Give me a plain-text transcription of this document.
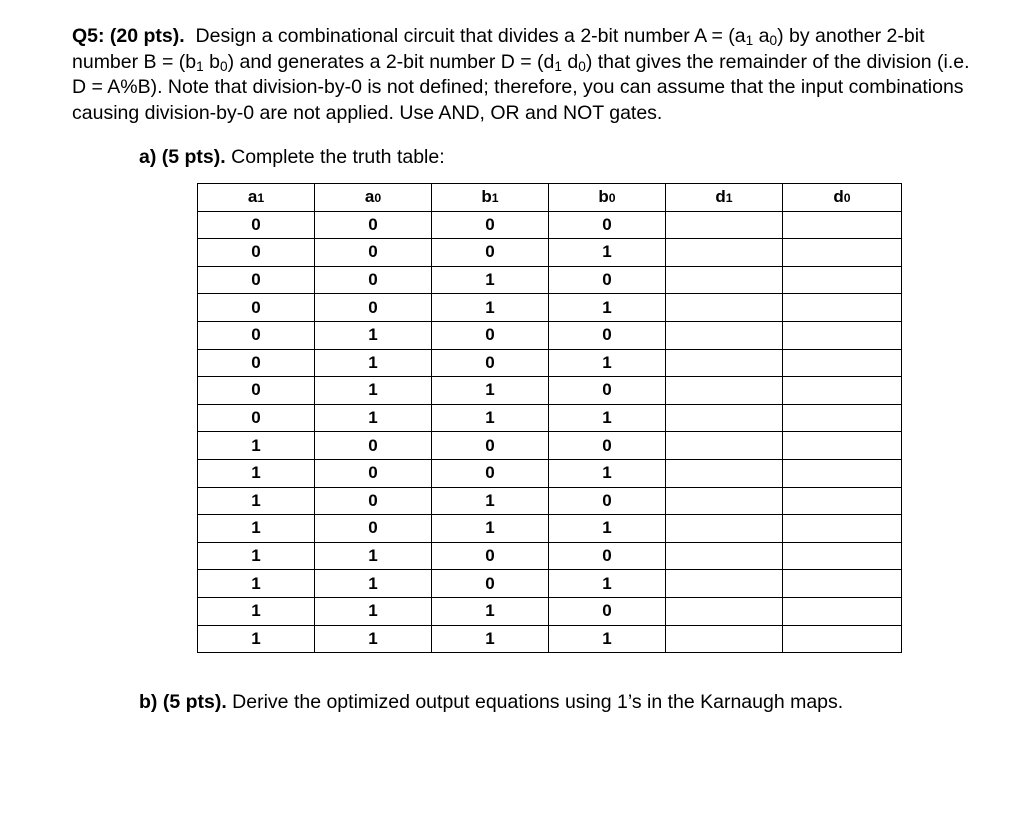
Q5: (20 pts). Design a combinational circuit that divides a 2-bit number $A = (a_1$ $a_0$) by another 2-bit number $B = (b_1$ $b_0$) and generates a 2-bit number $D = (d_1$ $d_0$) that gives the remainder of the division (i.e. D = A%B). Note that division-by-0 is not defined; therefore, you can assume that the input combinations causing division-by-0 are not applied. Use AND, OR and NOT gates.

a) (5 pts). Complete the truth table:

a1	a0	b1	b0	d1	d0
0	0	0	0		
0	0	0	1		
0	0	1	0		
0	0	1	1		
0	1	0	0		
0	1	0	1		
0	1	1	0		
0	1	1	1		
1	0	0	0		
1	0	0	1		
1	0	1	0		
1	0	1	1		
1	1	0	0		
1	1	0	1		
1	1	1	0		
1	1	1	1		

b) (5 pts). Derive the optimized output equations using 1’s in the Karnaugh maps.
